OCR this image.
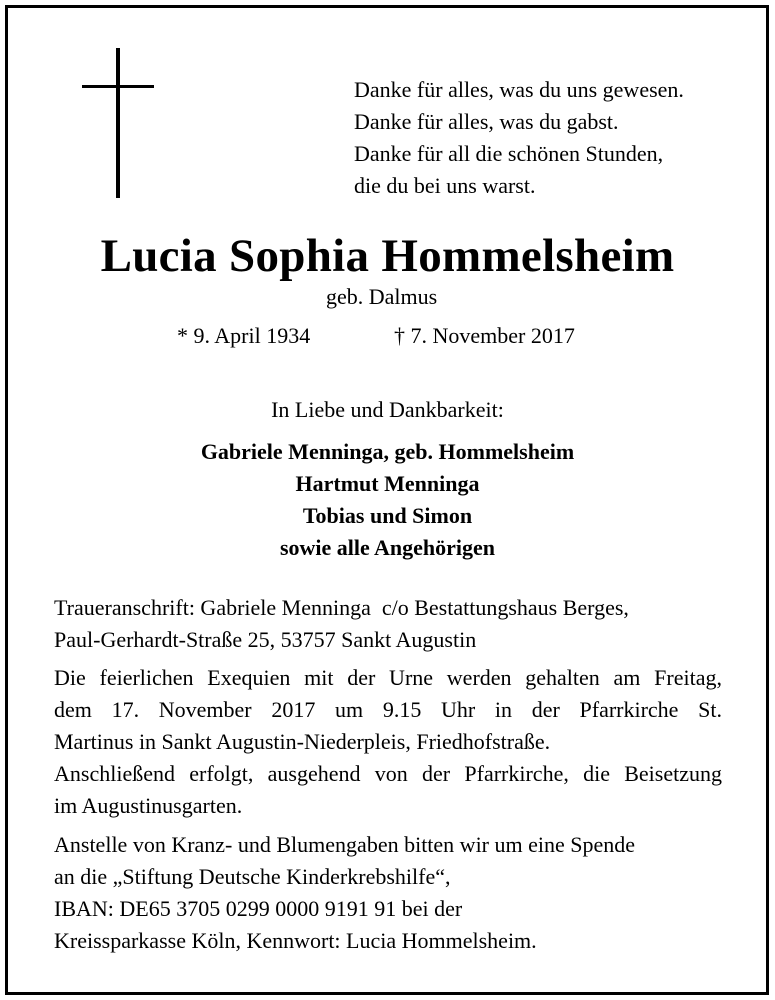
Danke für alles, was du uns gewesen.
Danke für alles, was du gabst.
Danke für all die schönen Stunden,
die du bei uns warst.
Lucia Sophia Hommelsheim
geb. Dalmus
* 9. April 1934	† 7. November 2017
In Liebe und Dankbarkeit:
Gabriele Menninga, geb. Hommelsheim
Hartmut Menninga
Tobias und Simon
sowie alle Angehörigen
Traueranschrift: Gabriele Menninga  c/o Bestattungshaus Berges,
Paul-Gerhardt-Straße 25, 53757 Sankt Augustin
Die feierlichen Exequien mit der Urne werden gehalten am Freitag,
dem 17. November 2017 um 9.15 Uhr in der Pfarrkirche St.
Martinus in Sankt Augustin-Niederpleis, Friedhofstraße.
Anschließend erfolgt, ausgehend von der Pfarrkirche, die Beisetzung
im Augustinusgarten.
Anstelle von Kranz- und Blumengaben bitten wir um eine Spende
an die „Stiftung Deutsche Kinderkrebshilfe“,
IBAN: DE65 3705 0299 0000 9191 91 bei der
Kreissparkasse Köln, Kennwort: Lucia Hommelsheim.
